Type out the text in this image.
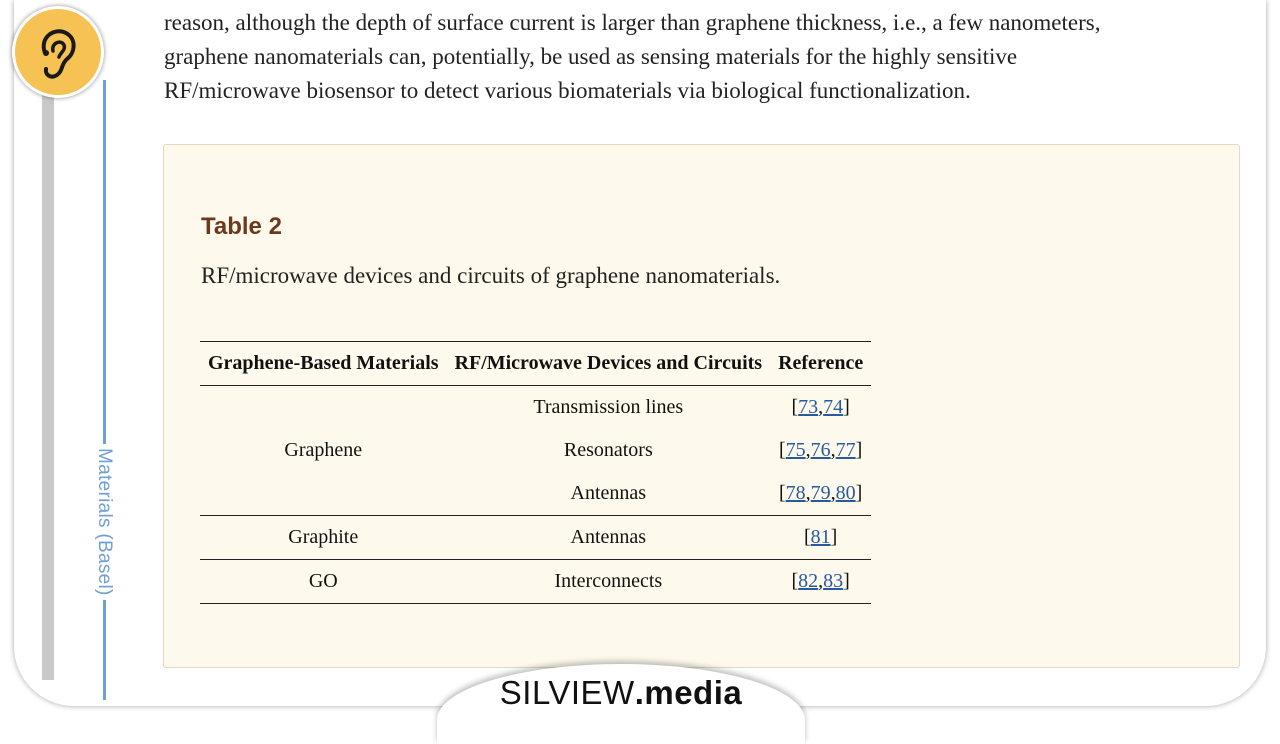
Materials (Basel)

reason, although the depth of surface current is larger than graphene thickness, i.e., a few nanometers,
graphene nanomaterials can, potentially, be used as sensing materials for the highly sensitive
RF/microwave biosensor to detect various biomaterials via biological functionalization.

Table 2

RF/microwave devices and circuits of graphene nanomaterials.

Graphene-Based Materials	RF/Microwave Devices and Circuits	Reference
Graphene	Transmission lines	[73,74]
	Resonators	[75,76,77]
	Antennas	[78,79,80]
Graphite	Antennas	[81]
GO	Interconnects	[82,83]
SILVIEW.media
